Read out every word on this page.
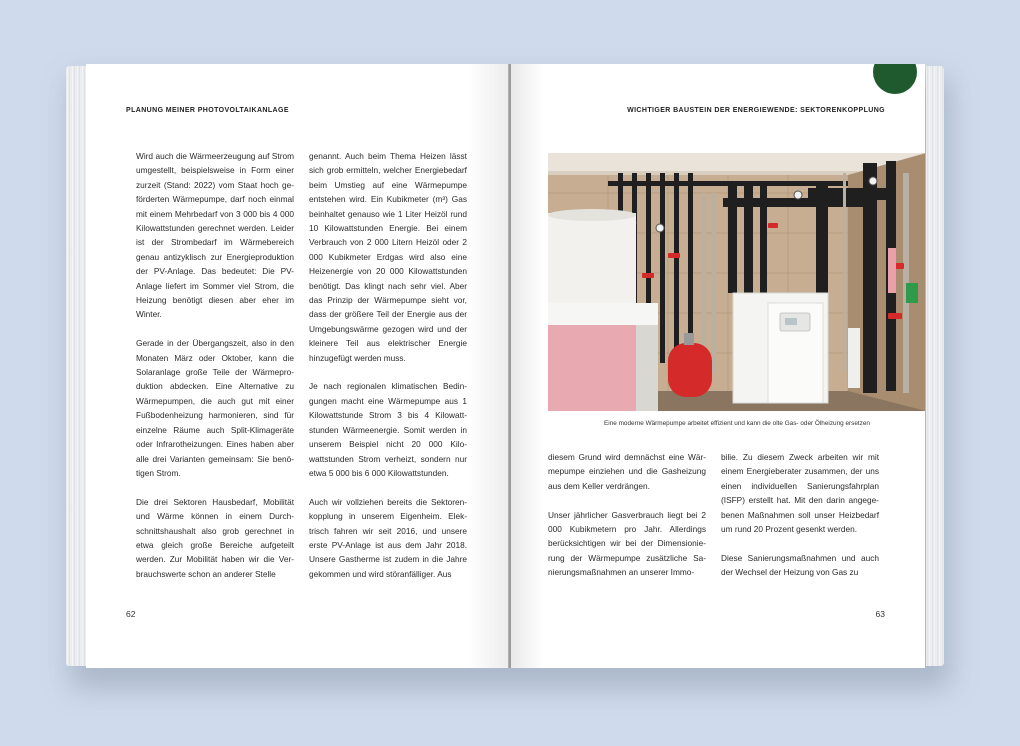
PLANUNG MEINER PHOTOVOLTAIKANLAGE

Wird auch die Wärmeerzeugung auf Strom umgestellt, beispielsweise in Form einer zurzeit (Stand: 2022) vom Staat hoch geförderten Wärmepumpe, darf noch einmal mit einem Mehrbedarf von 3 000 bis 4 000 Kilowattstunden gerechnet werden. Leider ist der Strombedarf im Wärmebereich genau antizyklisch zur Energieproduktion der PV-Anlage. Das bedeutet: Die PV-Anlage liefert im Sommer viel Strom, die Heizung benötigt diesen aber eher im Winter.

Gerade in der Übergangszeit, also in den Monaten März oder Oktober, kann die Solaranlage große Teile der Wärmeproduktion abdecken. Eine Alternative zu Wärmepumpen, die auch gut mit einer Fußbodenheizung harmonieren, sind für einzelne Räume auch Split-Klimageräte oder Infrarotheizungen. Eines haben aber alle drei Varianten gemeinsam: Sie benötigen Strom.

Die drei Sektoren Hausbedarf, Mobilität und Wärme können in einem Durchschnittshaushalt also grob gerechnet in etwa gleich große Bereiche aufgeteilt werden. Zur Mobilität haben wir die Verbrauchswerte schon an anderer Stelle

genannt. Auch beim Thema Heizen lässt sich grob ermitteln, welcher Energiebedarf beim Umstieg auf eine Wärmepumpe entstehen wird. Ein Kubikmeter (m³) Gas beinhaltet genauso wie 1 Liter Heizöl rund 10 Kilowattstunden Energie. Bei einem Verbrauch von 2 000 Litern Heizöl oder 2 000 Kubikmeter Erdgas wird also eine Heizenergie von 20 000 Kilowattstunden benötigt. Das klingt nach sehr viel. Aber das Prinzip der Wärmepumpe sieht vor, dass der größere Teil der Energie aus der Umgebungswärme gezogen wird und der kleinere Teil aus elektrischer Energie hinzugefügt werden muss.

Je nach regionalen klimatischen Bedingungen macht eine Wärmepumpe aus 1 Kilowattstunde Strom 3 bis 4 Kilowattstunden Wärmeenergie. Somit werden in unserem Beispiel nicht 20 000 Kilowattstunden Strom verheizt, sondern nur etwa 5 000 bis 6 000 Kilowattstunden.

Auch wir vollziehen bereits die Sektorenkopplung in unserem Eigenheim. Elektrisch fahren wir seit 2016, und unsere erste PV-Anlage ist aus dem Jahr 2018. Unsere Gastherme ist zudem in die Jahre gekommen und wird störanfälliger. Aus

62
WICHTIGER BAUSTEIN DER ENERGIEWENDE: SEKTORENKOPPLUNG
Eine moderne Wärmepumpe arbeitet effizient und kann die olte Gas- oder Ölheizung ersetzen

diesem Grund wird demnächst eine Wärmepumpe einziehen und die Gasheizung aus dem Keller verdrängen.

Unser jährlicher Gasverbrauch liegt bei 2 000 Kubikmetern pro Jahr. Allerdings berücksichtigen wir bei der Dimensionierung der Wärmepumpe zusätzliche Sanierungsmaßnahmen an unserer Immo-

bilie. Zu diesem Zweck arbeiten wir mit einem Energieberater zusammen, der uns einen individuellen Sanierungsfahrplan (ISFP) erstellt hat. Mit den darin angegebenen Maßnahmen soll unser Heizbedarf um rund 20 Prozent gesenkt werden.

Diese Sanierungsmaßnahmen und auch der Wechsel der Heizung von Gas zu

63
